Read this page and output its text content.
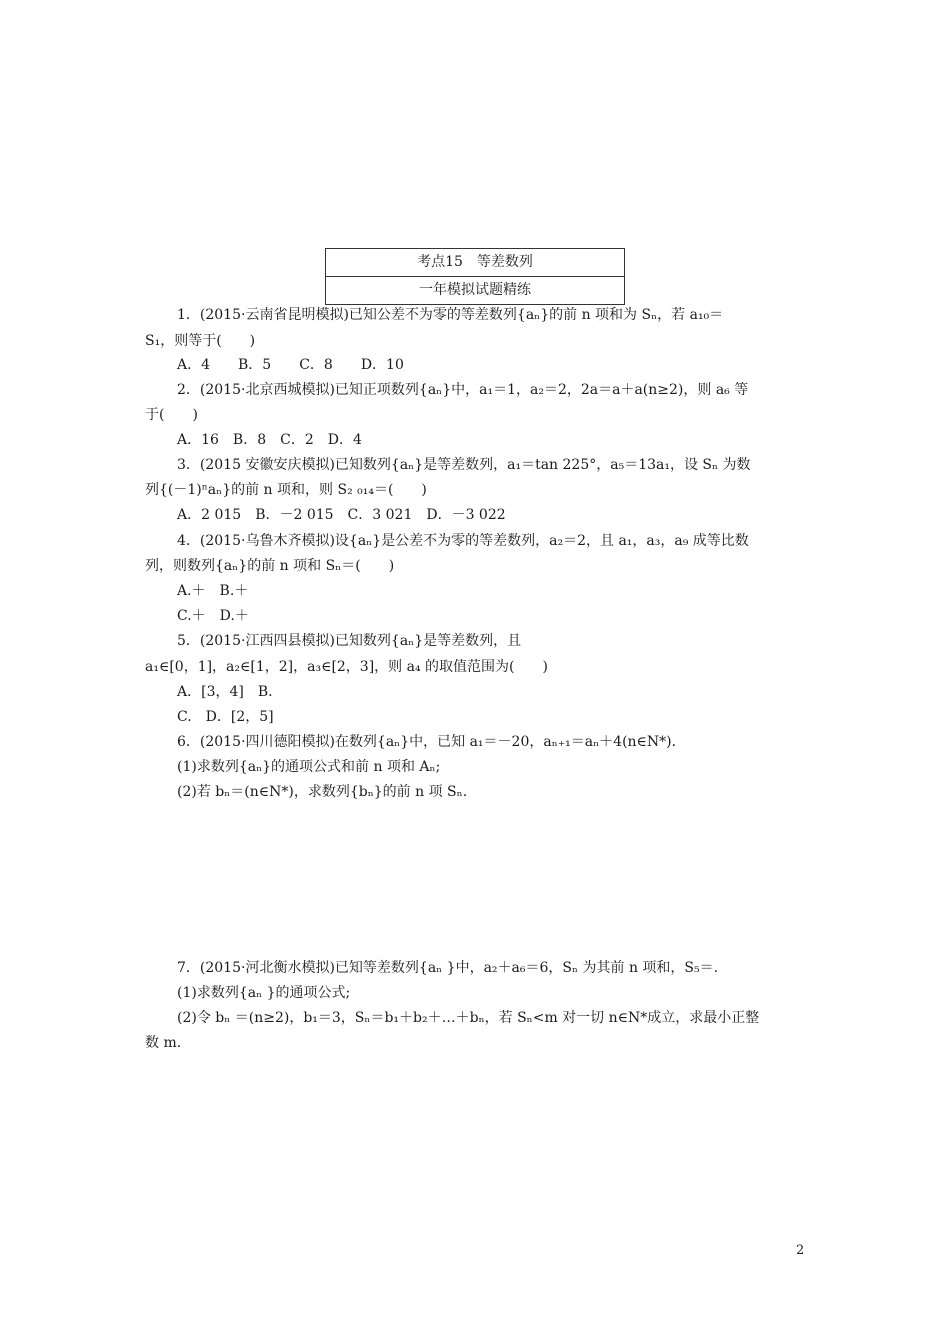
考点15　等差数列
一年模拟试题精练
1．(2015·云南省昆明模拟)已知公差不为零的等差数列{aₙ}的前 n 项和为 Sₙ，若 a₁₀＝
S₁，则等于(　　)
A．4　　B．5　　C．8　　D．10
2．(2015·北京西城模拟)已知正项数列{aₙ}中，a₁＝1，a₂＝2，2a＝a＋a(n≥2)，则 a₆ 等
于(　　)
A．16　B．8　C．2　D．4
3．(2015 安徽安庆模拟)已知数列{aₙ}是等差数列，a₁＝tan 225°，a₅＝13a₁，设 Sₙ 为数
列{(－1)ⁿaₙ}的前 n 项和，则 S₂ ₀₁₄＝(　　)
A．2 015　B．－2 015　C．3 021　D．－3 022
4．(2015·乌鲁木齐模拟)设{aₙ}是公差不为零的等差数列，a₂＝2，且 a₁，a₃，a₉ 成等比数
列，则数列{aₙ}的前 n 项和 Sₙ＝(　　)
A.＋　B.＋
C.＋　D.＋
5．(2015·江西四县模拟)已知数列{aₙ}是等差数列，且
a₁∈[0，1]，a₂∈[1，2]，a₃∈[2，3]，则 a₄ 的取值范围为(　　)
A．[3，4]　B.
C.　D．[2，5]
6．(2015·四川德阳模拟)在数列{aₙ}中，已知 a₁＝－20，aₙ₊₁＝aₙ＋4(n∈N*)．
(1)求数列{aₙ}的通项公式和前 n 项和 Aₙ;
(2)若 bₙ＝(n∈N*)，求数列{bₙ}的前 n 项 Sₙ.
7．(2015·河北衡水模拟)已知等差数列{aₙ }中，a₂＋a₆＝6，Sₙ 为其前 n 项和，S₅＝.
(1)求数列{aₙ }的通项公式;
(2)令 bₙ ＝(n≥2)，b₁＝3，Sₙ＝b₁＋b₂＋…＋bₙ，若 Sₙ<m 对一切 n∈N*成立，求最小正整
数 m.
2
